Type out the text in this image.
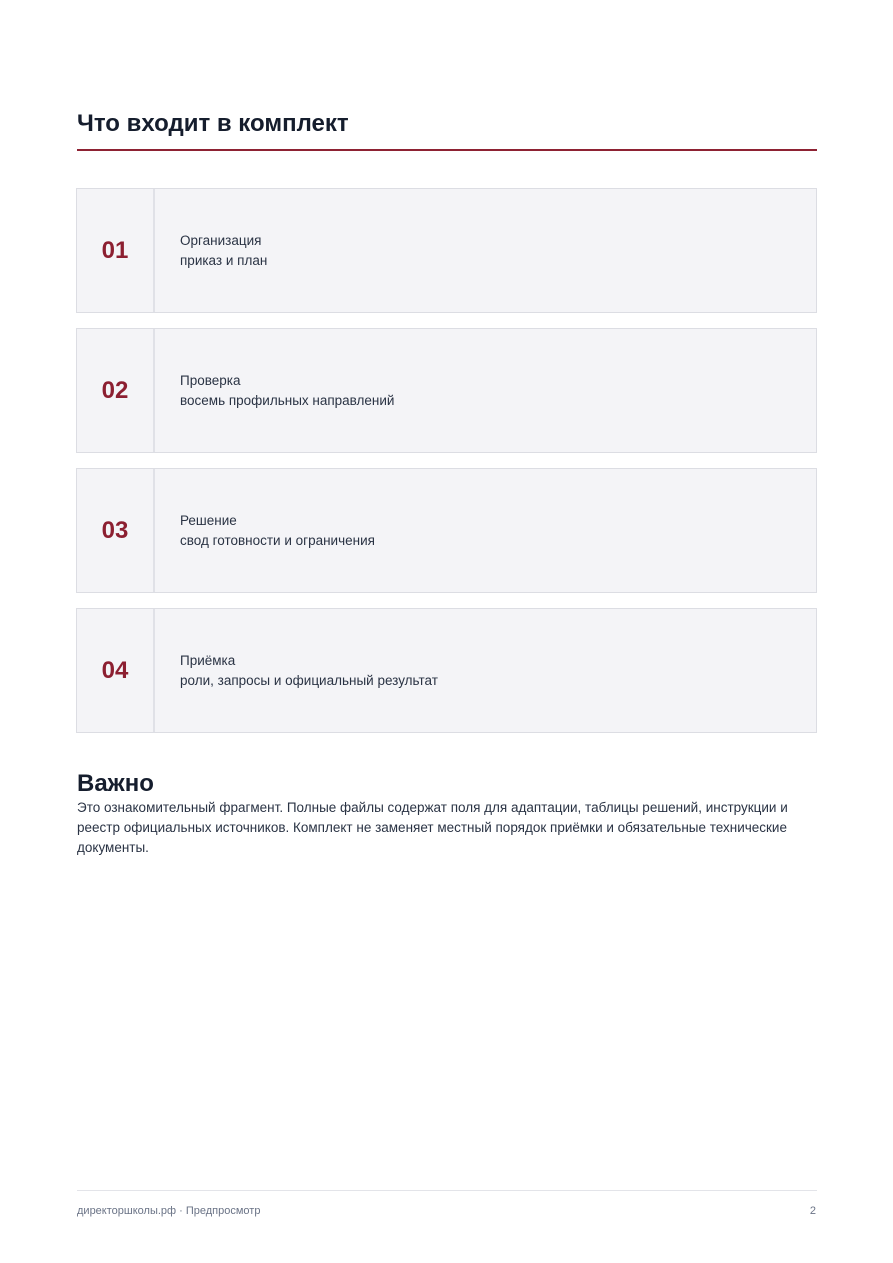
Что входит в комплект
01	Организация
приказ и план
02	Проверка
восемь профильных направлений
03	Решение
свод готовности и ограничения
04	Приёмка
роли, запросы и официальный результат
Важно

Это ознакомительный фрагмент. Полные файлы содержат поля для адаптации, таблицы решений, инструкции и реестр официальных источников. Комплект не заменяет местный порядок приёмки и обязательные технические документы.

директоршколы.рф · Предпросмотр	2
